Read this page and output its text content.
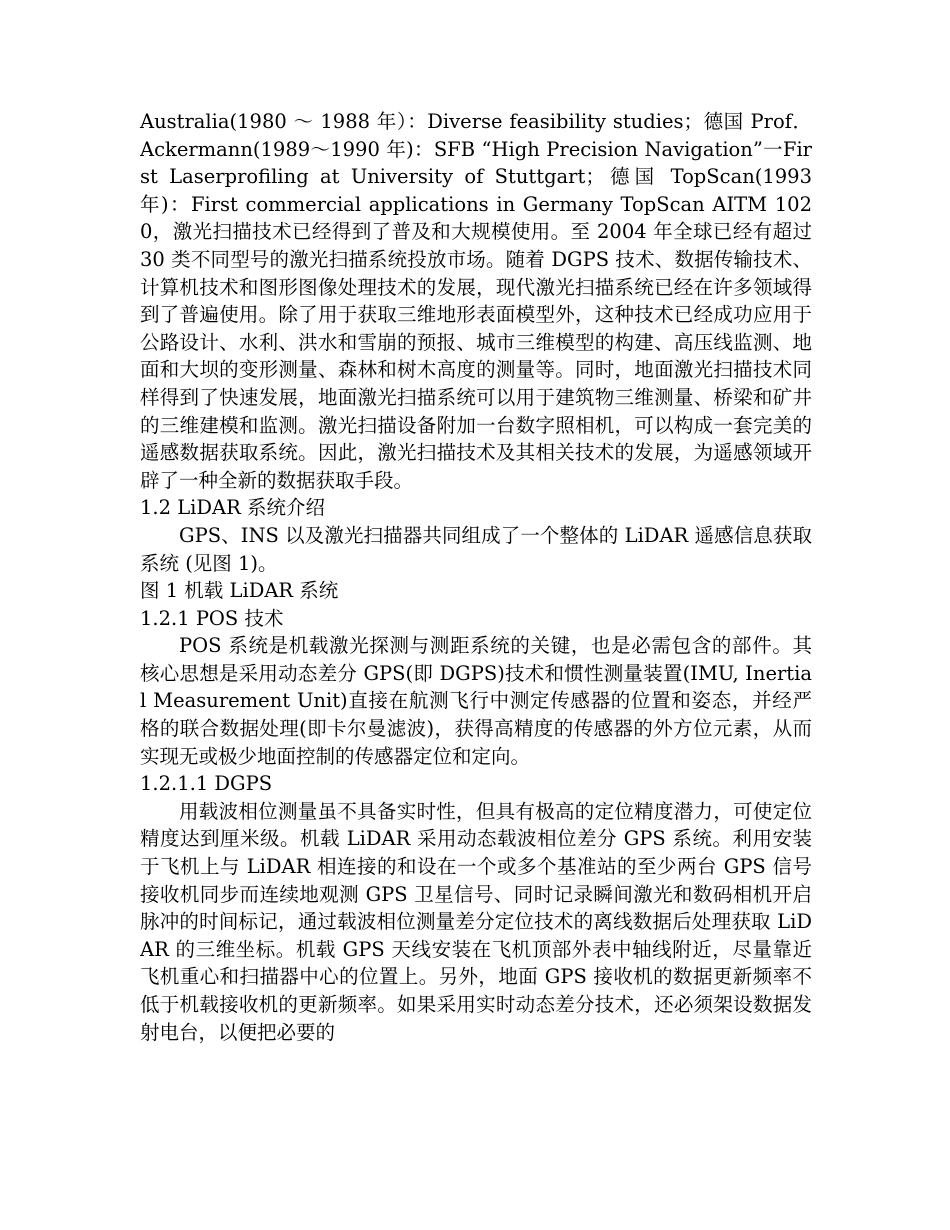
Australia(1980 ～ 1988 年）：Diverse feasibility studies；德国 Prof．Ackermann(1989～1990 年)：SFB “High Precision Navigation”一First Laserprofiling at University of Stuttgart；德国 TopScan(1993 年)：First commercial applications in Germany TopScan AITM 1020，激光扫描技术已经得到了普及和大规模使用。至 2004 年全球已经有超过 30 类不同型号的激光扫描系统投放市场。随着 DGPS 技术、数据传输技术、计算机技术和图形图像处理技术的发展，现代激光扫描系统已经在许多领域得到了普遍使用。除了用于获取三维地形表面模型外，这种技术已经成功应用于公路设计、水利、洪水和雪崩的预报、城市三维模型的构建、高压线监测、地面和大坝的变形测量、森林和树木高度的测量等。同时，地面激光扫描技术同样得到了快速发展，地面激光扫描系统可以用于建筑物三维测量、桥梁和矿井的三维建模和监测。激光扫描设备附加一台数字照相机，可以构成一套完美的遥感数据获取系统。因此，激光扫描技术及其相关技术的发展，为遥感领域开辟了一种全新的数据获取手段。

1.2 LiDAR 系统介绍

GPS、INS 以及激光扫描器共同组成了一个整体的 LiDAR 遥感信息获取系统 (见图 1)。

图 1 机载 LiDAR 系统

1.2.1 POS 技术

POS 系统是机载激光探测与测距系统的关键，也是必需包含的部件。其核心思想是采用动态差分 GPS(即 DGPS)技术和惯性测量装置(IMU, Inertial Measurement Unit)直接在航测飞行中测定传感器的位置和姿态，并经严格的联合数据处理(即卡尔曼滤波)，获得高精度的传感器的外方位元素，从而实现无或极少地面控制的传感器定位和定向。

1.2.1.1 DGPS

用载波相位测量虽不具备实时性，但具有极高的定位精度潜力，可使定位精度达到厘米级。机载 LiDAR 采用动态载波相位差分 GPS 系统。利用安装于飞机上与 LiDAR 相连接的和设在一个或多个基准站的至少两台 GPS 信号接收机同步而连续地观测 GPS 卫星信号、同时记录瞬间激光和数码相机开启脉冲的时间标记，通过载波相位测量差分定位技术的离线数据后处理获取 LiDAR 的三维坐标。机载 GPS 天线安装在飞机顶部外表中轴线附近，尽量靠近飞机重心和扫描器中心的位置上。另外，地面 GPS 接收机的数据更新频率不低于机载接收机的更新频率。如果采用实时动态差分技术，还必须架设数据发射电台，以便把必要的
